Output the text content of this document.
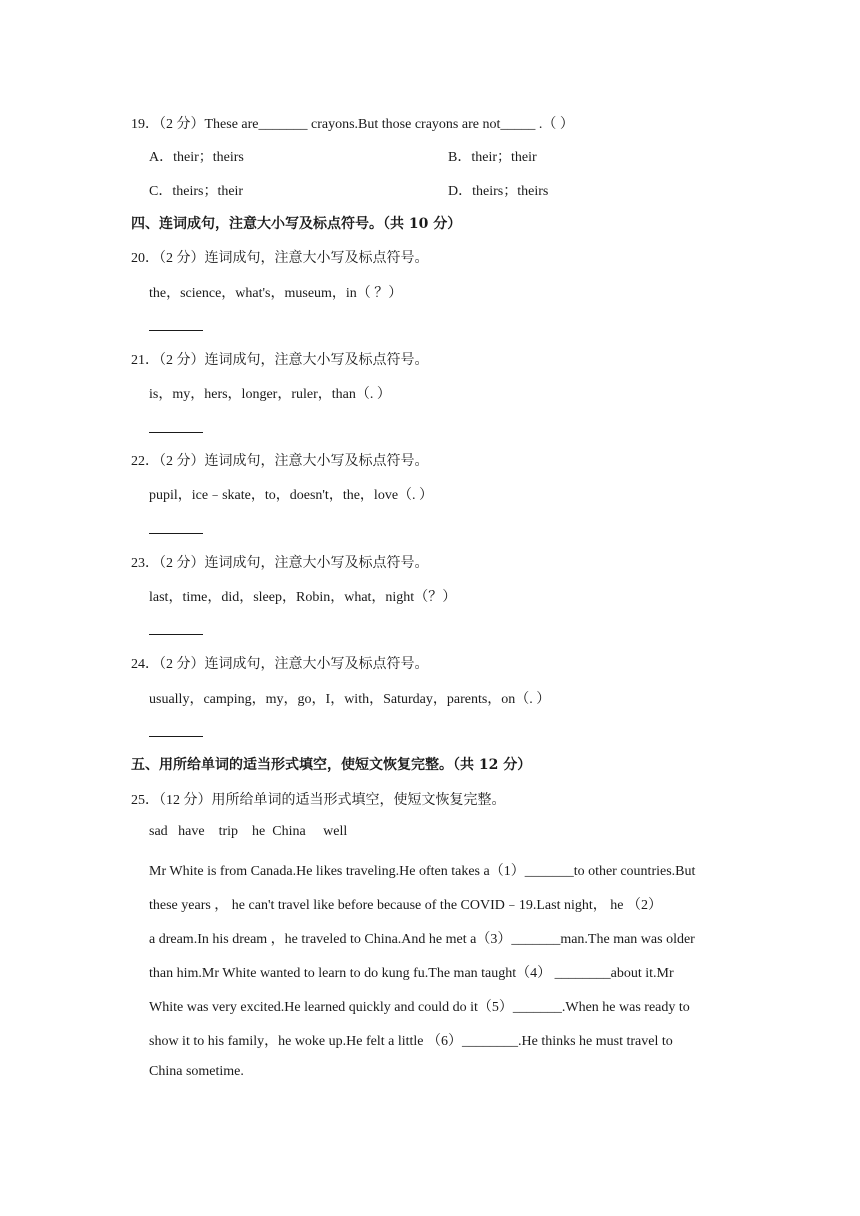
19．（2 分）These are_______ crayons.But those crayons are not_____ .（ ）
A．their；theirs	B．their；their
C．theirs；their	D．theirs；theirs
四、连词成句，注意大小写及标点符号。（共 10 分）
20．（2 分）连词成句，注意大小写及标点符号。
the，science，what's，museum，in（ ？）
21．（2 分）连词成句，注意大小写及标点符号。
is，my，hers，longer，ruler，than（. ）
22．（2 分）连词成句，注意大小写及标点符号。
pupil，ice﹣skate，to，doesn't，the，love（. ）
23．（2 分）连词成句，注意大小写及标点符号。
last，time，did，sleep，Robin，what，night（？）
24．（2 分）连词成句，注意大小写及标点符号。
usually，camping，my，go，I，with，Saturday，parents，on（. ）
五、用所给单词的适当形式填空，使短文恢复完整。（共 12 分）
25．（12 分）用所给单词的适当形式填空，使短文恢复完整。
sad   have    trip    he  China     well
Mr White is from Canada.He likes traveling.He often takes a（1）_______to other countries.But
these years ， he can't travel like before because of the COVID﹣19.Last night， he （2）
a dream.In his dream ，he traveled to China.And he met a（3）_______man.The man was older
than him.Mr White wanted to learn to do kung fu.The man taught（4） ________about it.Mr
White was very excited.He learned quickly and could do it（5）_______.When he was ready to
show it to his family，he woke up.He felt a little （6）________.He thinks he must travel to
China sometime.
